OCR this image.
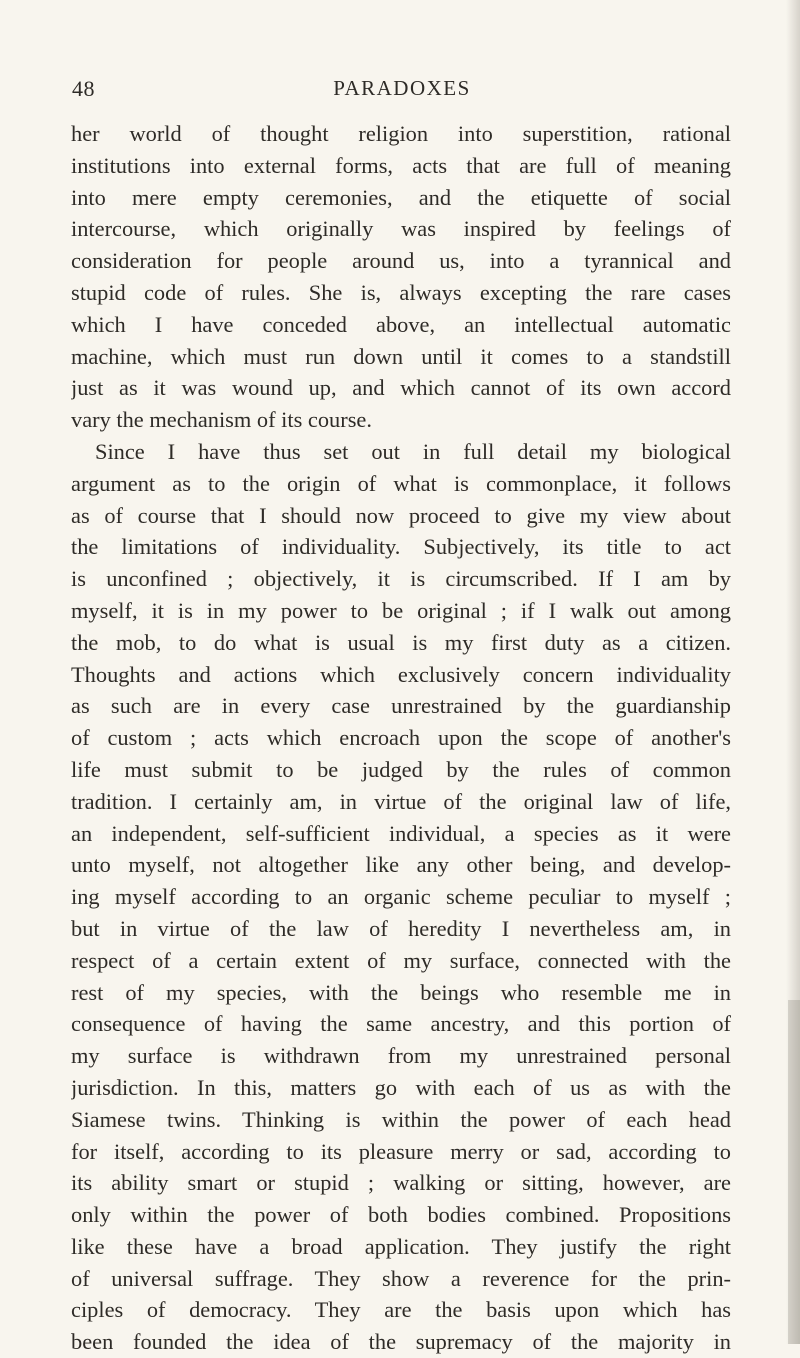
48	PARADOXES
her world of thought religion into superstition, rational
institutions into external forms, acts that are full of meaning
into mere empty ceremonies, and the etiquette of social
intercourse, which originally was inspired by feelings of
consideration for people around us, into a tyrannical and
stupid code of rules. She is, always excepting the rare cases
which I have conceded above, an intellectual automatic
machine, which must run down until it comes to a standstill
just as it was wound up, and which cannot of its own accord
vary the mechanism of its course.
Since I have thus set out in full detail my biological
argument as to the origin of what is commonplace, it follows
as of course that I should now proceed to give my view about
the limitations of individuality. Subjectively, its title to act
is unconfined ; objectively, it is circumscribed. If I am by
myself, it is in my power to be original ; if I walk out among
the mob, to do what is usual is my first duty as a citizen.
Thoughts and actions which exclusively concern individuality
as such are in every case unrestrained by the guardianship
of custom ; acts which encroach upon the scope of another's
life must submit to be judged by the rules of common
tradition. I certainly am, in virtue of the original law of life,
an independent, self-sufficient individual, a species as it were
unto myself, not altogether like any other being, and develop-
ing myself according to an organic scheme peculiar to myself ;
but in virtue of the law of heredity I nevertheless am, in
respect of a certain extent of my surface, connected with the
rest of my species, with the beings who resemble me in
consequence of having the same ancestry, and this portion of
my surface is withdrawn from my unrestrained personal
jurisdiction. In this, matters go with each of us as with the
Siamese twins. Thinking is within the power of each head
for itself, according to its pleasure merry or sad, according to
its ability smart or stupid ; walking or sitting, however, are
only within the power of both bodies combined. Propositions
like these have a broad application. They justify the right
of universal suffrage. They show a reverence for the prin-
ciples of democracy. They are the basis upon which has
been founded the idea of the supremacy of the majority in
